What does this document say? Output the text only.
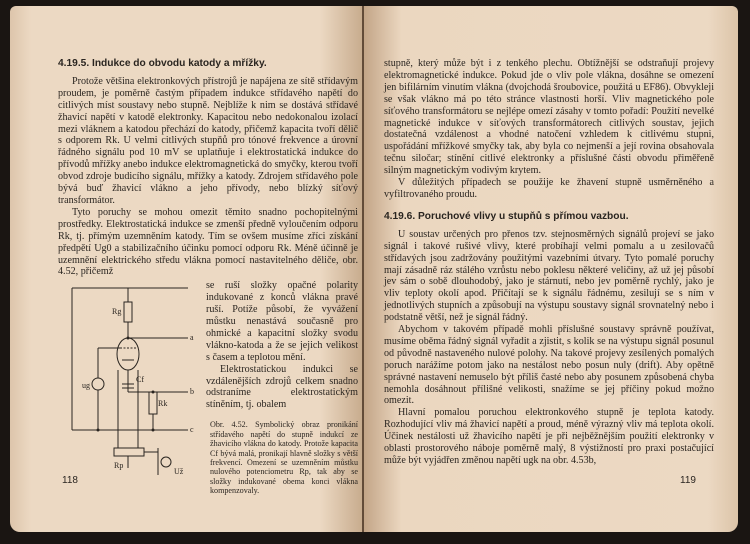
4.19.5. Indukce do obvodu katody a mřížky.

Protože většina elektronkových přístrojů je napájena ze sítě střídavým proudem, je poměrně častým případem indukce střídavého napětí do citlivých míst soustavy nebo stupně. Nejblíže k nim se dostává střídavé žhavicí napětí v katodě elektronky. Kapacitou nebo nedokonalou izolací mezi vláknem a katodou přechází do katody, přičemž kapacita tvoří dělič s odporem Rk. U velmi citlivých stupňů pro tónové frekvence a úrovní řádného signálu pod 10 mV se uplatňuje i elektrostatická indukce do přívodů mřížky anebo indukce elektromagnetická do smyčky, kterou tvoří obvod zdroje budicího signálu, mřížky a katody. Zdrojem střídavého pole bývá buď žhavicí vlákno a jeho přívody, nebo blízký síťový transformátor.

Tyto poruchy se mohou omezit těmito snadno pochopitelnými prostředky. Elektrostatická indukce se zmenší předně vyloučením odporu Rk, tj. přímým uzemněním katody. Tím se ovšem musíme zříci získání předpětí Ug0 a stabilizačního účinku pomocí odporu Rk. Méně účinně je uzemnění elektrického středu vlákna pomocí nastavitelného děliče, obr. 4.52, přičemž

Rg
Rk
Cf
ug
Už
Rp
a
b
c

se ruší složky opačné polarity indukované z konců vlákna pravé ruší. Potíže působí, že vyvážení můstku nenastává současně pro ohmické a kapacitní složky svodu vlákno-katoda a že se jejich velikost s časem a teplotou mění.

Elektrostatickou indukci se vzdálenějších zdrojů celkem snadno odstraníme elektrostatickým stíněním, tj. obalem

Obr. 4.52. Symbolický obraz pronikání střídavého napětí do stupně indukcí ze žhavicího vlákna do katody. Protože kapacita Cf bývá malá, pronikají hlavně složky s větší frekvencí. Omezení se uzemněním můstku nulového potenciometru Rp, tak aby se složky indukované obema konci vlákna kompenzovaly.

118

stupně, který může být i z tenkého plechu. Obtížnější se odstraňují projevy elektromagnetické indukce. Pokud jde o vliv pole vlákna, dosáhne se omezení jen bifilárním vinutím vlákna (dvojchodá šroubovice, použitá u EF86). Obvykleji se však vlákno má po této stránce vlastnosti horší. Vliv magnetického pole síťového transformátoru se nejlépe omezí zásahy v tomto pořadí: Použití nevelké magnetické indukce v síťových transformátorech citlivých soustav, jejich dostatečná vzdálenost a vhodné natočení vzhledem k citlivému stupni, uspořádání mřížkové smyčky tak, aby byla co nejmenší a její rovina obsahovala tečnu siločar; stínění citlivé elektronky a příslušné části obvodu přiměřeně silným magnetickým vodivým krytem.

V důležitých případech se použije ke žhavení stupně usměrněného a vyfiltrovaného proudu.

4.19.6. Poruchové vlivy u stupňů s přímou vazbou.

U soustav určených pro přenos tzv. stejnosměrných signálů projeví se jako signál i takové rušivé vlivy, které probíhají velmi pomalu a u zesilovačů střídavých jsou zadržovány použitými vazebními útvary. Tyto pomalé poruchy mají zásadně ráz stálého vzrůstu nebo poklesu některé veličiny, až už jej působí jev sám o sobě dlouhodobý, jako je stárnutí, nebo jev poměrně rychlý, jako je vliv teploty okolí apod. Přičítají se k signálu řádnému, zesilují se s ním v jednotlivých stupních a způsobují na výstupu soustavy signál srovnatelný nebo i podstatně větší, než je signál řádný.

Abychom v takovém případě mohli příslušné soustavy správně používat, musíme oběma řádný signál vyřadit a zjistit, s kolik se na výstupu signál posunul od původně nastaveného nulové polohy. Na takové projevy zesílených pomalých poruch narážíme potom jako na nestálost nebo posun nuly (drift). Aby opětně správné nastavení nemuselo být příliš časté nebo aby posunem způsobená chyba nemohla dosáhnout přílišné velikosti, snažíme se jej příčiny pokud možno omezit.

Hlavní pomalou poruchou elektronkového stupně je teplota katody. Rozhodující vliv má žhavicí napětí a proud, méně výrazný vliv má teplota okolí. Účinek nestálosti už žhavicího napětí je při nejběžnějším použití elektronky v oblasti prostorového náboje poměrně malý, 8 výstižností pro praxi postačující může být vyjádřen změnou napětí ugk na obr. 4.53b,

119
